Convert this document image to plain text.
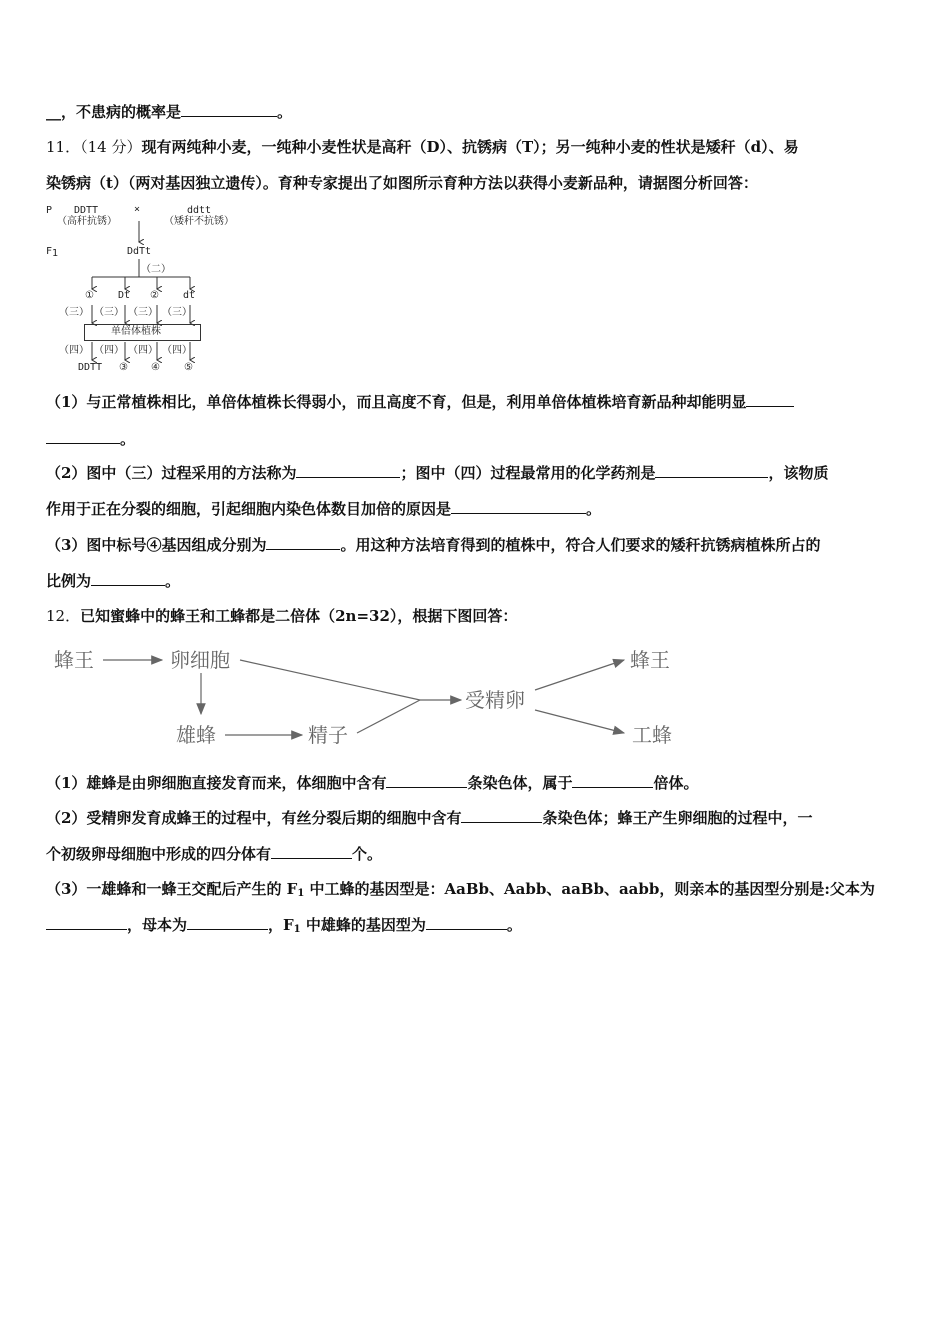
__，不患病的概率是	。
11．（14 分）现有两纯种小麦，一纯种小麦性状是高秆（D）、抗锈病（T）；另一纯种小麦的性状是矮秆（d）、易
染锈病（t）（两对基因独立遗传）。育种专家提出了如图所示育种方法以获得小麦新品种，请据图分析回答：
P DDTT
（高秆抗锈）
×	ddtt
（矮秆不抗锈）
$F_1$	DdTt
（二）
① Dt ② dt
（三） （三） （三） （三）
单倍体植株
（四） （四） （四） （四）
DDTT ③ ④ ⑤
（1）与正常植株相比，单倍体植株长得弱小，而且高度不育，但是，利用单倍体植株培育新品种却能明显
。
（2）图中（三）过程采用的方法称为	；图中（四）过程最常用的化学药剂是	，该物质
作用于正在分裂的细胞，引起细胞内染色体数目加倍的原因是	。
（3）图中标号④基因组成分别为	。用这种方法培育得到的植株中，符合人们要求的矮秆抗锈病植株所占的
比例为	。
12．已知蜜蜂中的蜂王和工蜂都是二倍体（2n=32），根据下图回答：
蜂王	卵细胞
雄蜂	精子
受精卵
蜂王
工蜂
（1）雄蜂是由卵细胞直接发育而来，体细胞中含有	条染色体，属于	倍体。
（2）受精卵发育成蜂王的过程中，有丝分裂后期的细胞中含有	条染色体；蜂王产生卵细胞的过程中，一
个初级卵母细胞中形成的四分体有	个。
（3）一雄蜂和一蜂王交配后产生的 $F_1$ 中工蜂的基因型是：AaBb、Aabb、aaBb、aabb，则亲本的基因型分别是:父本为
，母本为	，$F_1$ 中雄蜂的基因型为	。
